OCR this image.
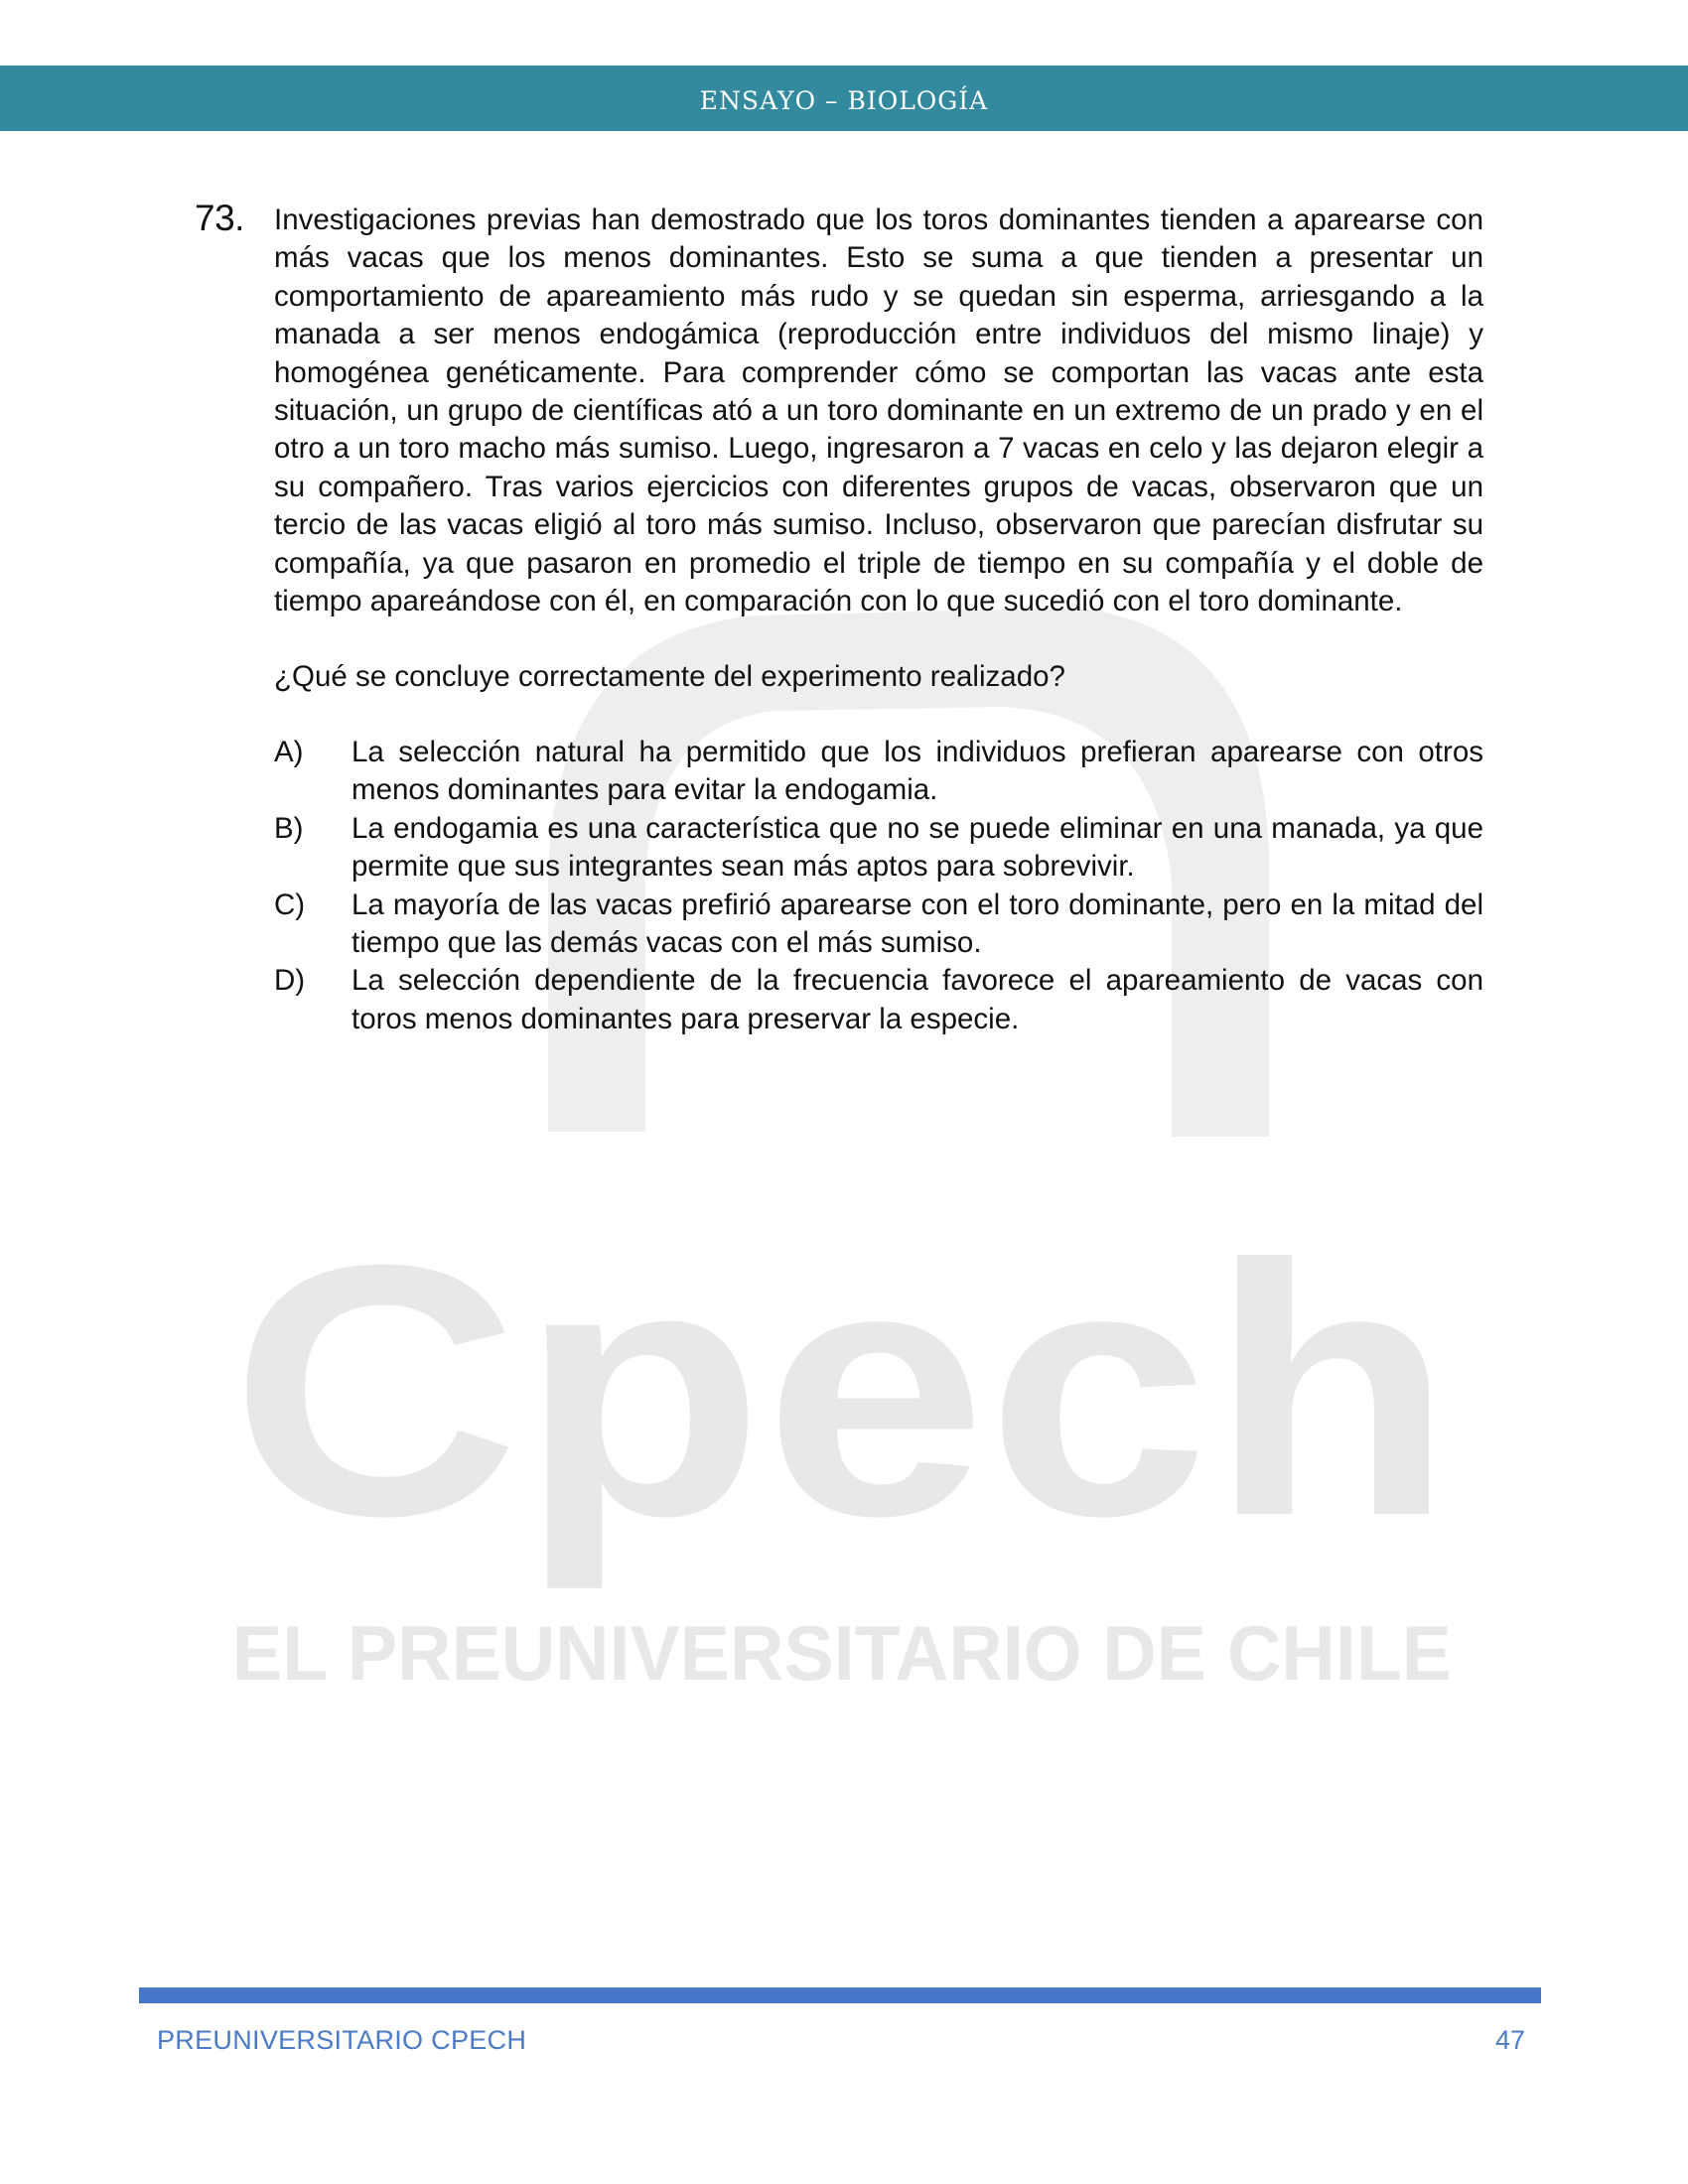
Cpech
EL PREUNIVERSITARIO DE CHILE
ENSAYO – BIOLOGÍA
73. Investigaciones previas han demostrado que los toros dominantes tienden a aparearse con más vacas que los menos dominantes. Esto se suma a que tienden a presentar un comportamiento de apareamiento más rudo y se quedan sin esperma, arriesgando a la manada a ser menos endogámica (reproducción entre individuos del mismo linaje) y homogénea genéticamente. Para comprender cómo se comportan las vacas ante esta situación, un grupo de científicas ató a un toro dominante en un extremo de un prado y en el otro a un toro macho más sumiso. Luego, ingresaron a 7 vacas en celo y las dejaron elegir a su compañero. Tras varios ejercicios con diferentes grupos de vacas, observaron que un tercio de las vacas eligió al toro más sumiso. Incluso, observaron que parecían disfrutar su compañía, ya que pasaron en promedio el triple de tiempo en su compañía y el doble de tiempo apareándose con él, en comparación con lo que sucedió con el toro dominante.

¿Qué se concluye correctamente del experimento realizado?

A)	La selección natural ha permitido que los individuos prefieran aparearse con otros menos dominantes para evitar la endogamia.
B)	La endogamia es una característica que no se puede eliminar en una manada, ya que permite que sus integrantes sean más aptos para sobrevivir.
C)	La mayoría de las vacas prefirió aparearse con el toro dominante, pero en la mitad del tiempo que las demás vacas con el más sumiso.
D)	La selección dependiente de la frecuencia favorece el apareamiento de vacas con toros menos dominantes para preservar la especie.
PREUNIVERSITARIO CPECH	47
